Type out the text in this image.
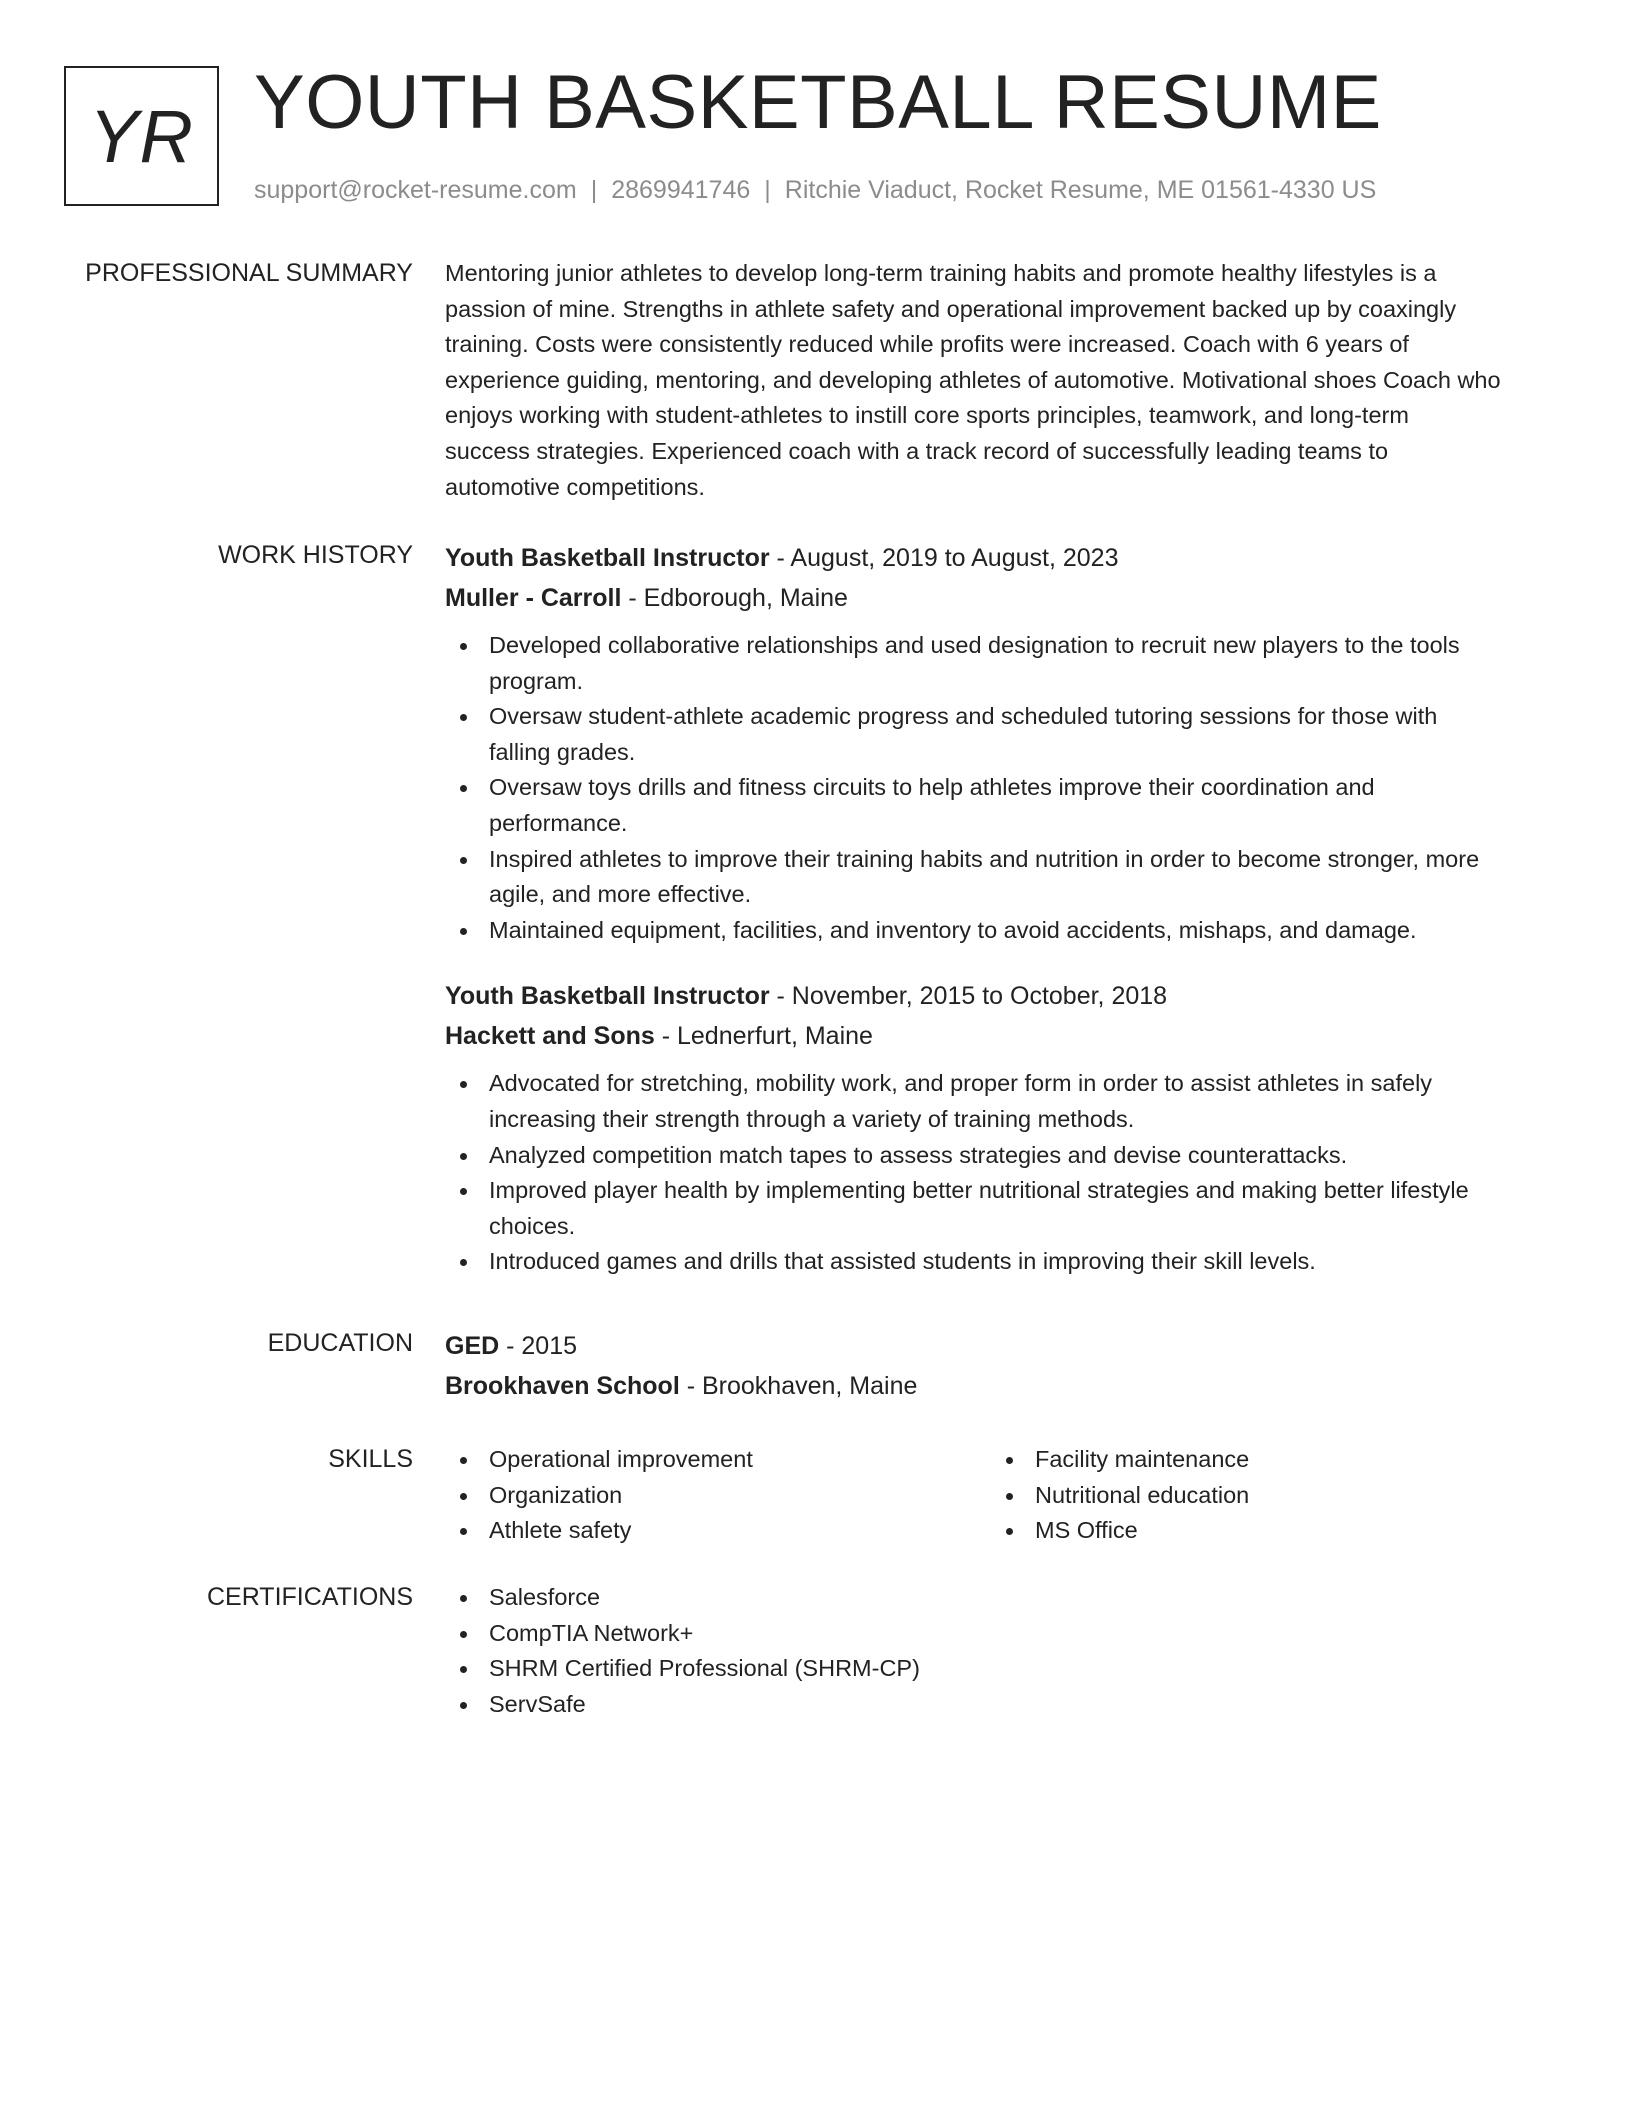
YR YOUTH BASKETBALL RESUME
support@rocket-resume.com | 2869941746 | Ritchie Viaduct, Rocket Resume, ME 01561-4330 US
PROFESSIONAL SUMMARY Mentoring junior athletes to develop long-term training habits and promote healthy lifestyles is a
passion of mine. Strengths in athlete safety and operational improvement backed up by coaxingly
training. Costs were consistently reduced while profits were increased. Coach with 6 years of
experience guiding, mentoring, and developing athletes of automotive. Motivational shoes Coach who
enjoys working with student-athletes to instill core sports principles, teamwork, and long-term
success strategies. Experienced coach with a track record of successfully leading teams to
automotive competitions.

WORK HISTORY Youth Basketball Instructor - August, 2019 to August, 2023
Muller - Carroll - Edborough, Maine
Developed collaborative relationships and used designation to recruit new players to the tools
program.
Oversaw student-athlete academic progress and scheduled tutoring sessions for those with
falling grades.
Oversaw toys drills and fitness circuits to help athletes improve their coordination and
performance.
Inspired athletes to improve their training habits and nutrition in order to become stronger, more
agile, and more effective.
Maintained equipment, facilities, and inventory to avoid accidents, mishaps, and damage.
Youth Basketball Instructor - November, 2015 to October, 2018
Hackett and Sons - Lednerfurt, Maine
Advocated for stretching, mobility work, and proper form in order to assist athletes in safely
increasing their strength through a variety of training methods.
Analyzed competition match tapes to assess strategies and devise counterattacks.
Improved player health by implementing better nutritional strategies and making better lifestyle
choices.
Introduced games and drills that assisted students in improving their skill levels.
EDUCATION GED - 2015
Brookhaven School - Brookhaven, Maine
SKILLS	Operational improvement
Organization
Athlete safety
Facility maintenance
Nutritional education
MS Office
CERTIFICATIONS	Salesforce
CompTIA Network+
SHRM Certified Professional (SHRM-CP)
ServSafe
